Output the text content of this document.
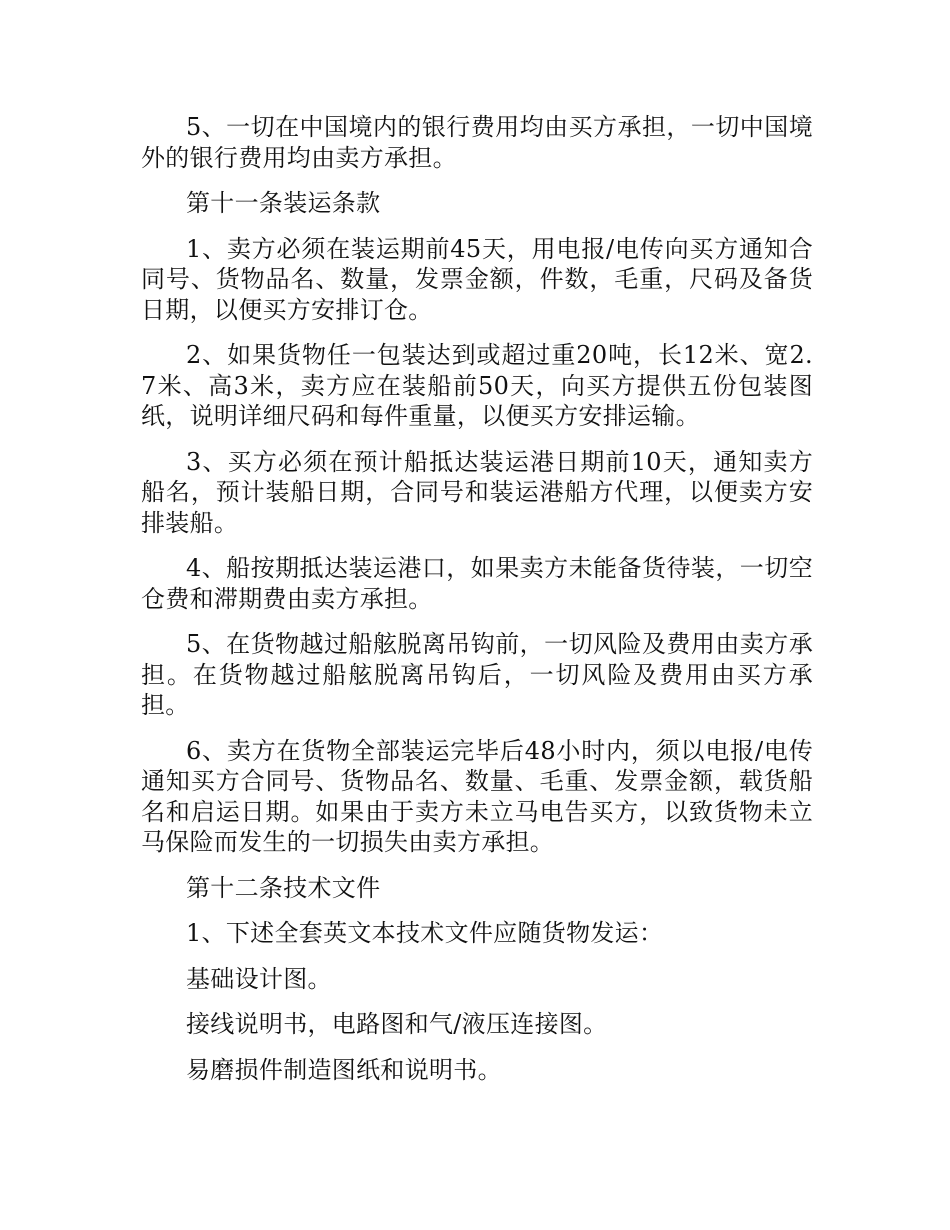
5、一切在中国境内的银行费用均由买方承担，一切中国境外的银行费用均由卖方承担。

第十一条装运条款

1、卖方必须在装运期前45天，用电报/电传向买方通知合同号、货物品名、数量，发票金额，件数，毛重，尺码及备货日期，以便买方安排订仓。

2、如果货物任一包装达到或超过重20吨，长12米、宽2.7米、高3米，卖方应在装船前50天，向买方提供五份包装图纸，说明详细尺码和每件重量，以便买方安排运输。

3、买方必须在预计船抵达装运港日期前10天，通知卖方船名，预计装船日期，合同号和装运港船方代理，以便卖方安排装船。

4、船按期抵达装运港口，如果卖方未能备货待装，一切空仓费和滞期费由卖方承担。

5、在货物越过船舷脱离吊钩前，一切风险及费用由卖方承担。在货物越过船舷脱离吊钩后，一切风险及费用由买方承担。

6、卖方在货物全部装运完毕后48小时内，须以电报/电传通知买方合同号、货物品名、数量、毛重、发票金额，载货船名和启运日期。如果由于卖方未立马电告买方，以致货物未立马保险而发生的一切损失由卖方承担。

第十二条技术文件

1、下述全套英文本技术文件应随货物发运：

基础设计图。

接线说明书，电路图和气/液压连接图。

易磨损件制造图纸和说明书。
